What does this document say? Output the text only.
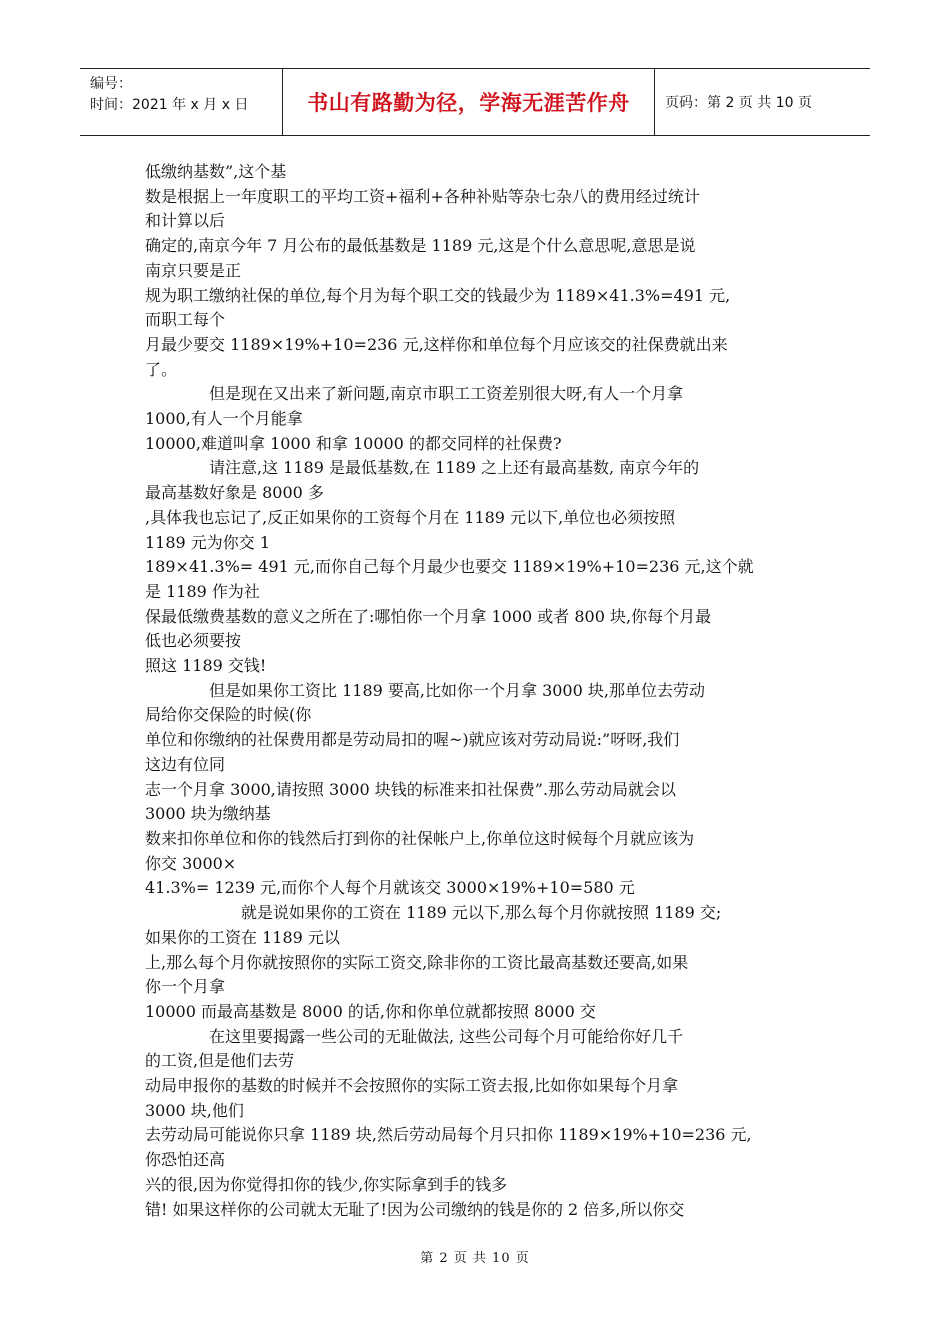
编号：
时间：2021 年 x 月 x 日	书山有路勤为径，学海无涯苦作舟	页码：第 2 页 共 10 页
低缴纳基数”,这个基
数是根据上一年度职工的平均工资+福利+各种补贴等杂七杂八的费用经过统计
和计算以后
确定的,南京今年 7 月公布的最低基数是 1189 元,这是个什么意思呢,意思是说
南京只要是正
规为职工缴纳社保的单位,每个月为每个职工交的钱最少为 1189×41.3%=491 元,
而职工每个
月最少要交 1189×19%+10=236 元,这样你和单位每个月应该交的社保费就出来
了。
但是现在又出来了新问题,南京市职工工资差别很大呀,有人一个月拿
1000,有人一个月能拿
10000,难道叫拿 1000 和拿 10000 的都交同样的社保费?
请注意,这 1189 是最低基数,在 1189 之上还有最高基数, 南京今年的
最高基数好象是 8000 多
,具体我也忘记了,反正如果你的工资每个月在 1189 元以下,单位也必须按照
1189 元为你交 1
189×41.3%= 491 元,而你自己每个月最少也要交 1189×19%+10=236 元,这个就
是 1189 作为社
保最低缴费基数的意义之所在了:哪怕你一个月拿 1000 或者 800 块,你每个月最
低也必须要按
照这 1189 交钱!
但是如果你工资比 1189 要高,比如你一个月拿 3000 块,那单位去劳动
局给你交保险的时候(你
单位和你缴纳的社保费用都是劳动局扣的喔~)就应该对劳动局说:”呀呀,我们
这边有位同
志一个月拿 3000,请按照 3000 块钱的标准来扣社保费”.那么劳动局就会以
3000 块为缴纳基
数来扣你单位和你的钱然后打到你的社保帐户上,你单位这时候每个月就应该为
你交 3000×
41.3%= 1239 元,而你个人每个月就该交 3000×19%+10=580 元
就是说如果你的工资在 1189 元以下,那么每个月你就按照 1189 交;
如果你的工资在 1189 元以
上,那么每个月你就按照你的实际工资交,除非你的工资比最高基数还要高,如果
你一个月拿
10000 而最高基数是 8000 的话,你和你单位就都按照 8000 交
在这里要揭露一些公司的无耻做法, 这些公司每个月可能给你好几千
的工资,但是他们去劳
动局申报你的基数的时候并不会按照你的实际工资去报,比如你如果每个月拿
3000 块,他们
去劳动局可能说你只拿 1189 块,然后劳动局每个月只扣你 1189×19%+10=236 元,
你恐怕还高
兴的很,因为你觉得扣你的钱少,你实际拿到手的钱多
错! 如果这样你的公司就太无耻了!因为公司缴纳的钱是你的 2 倍多,所以你交
第 2 页 共 10 页
